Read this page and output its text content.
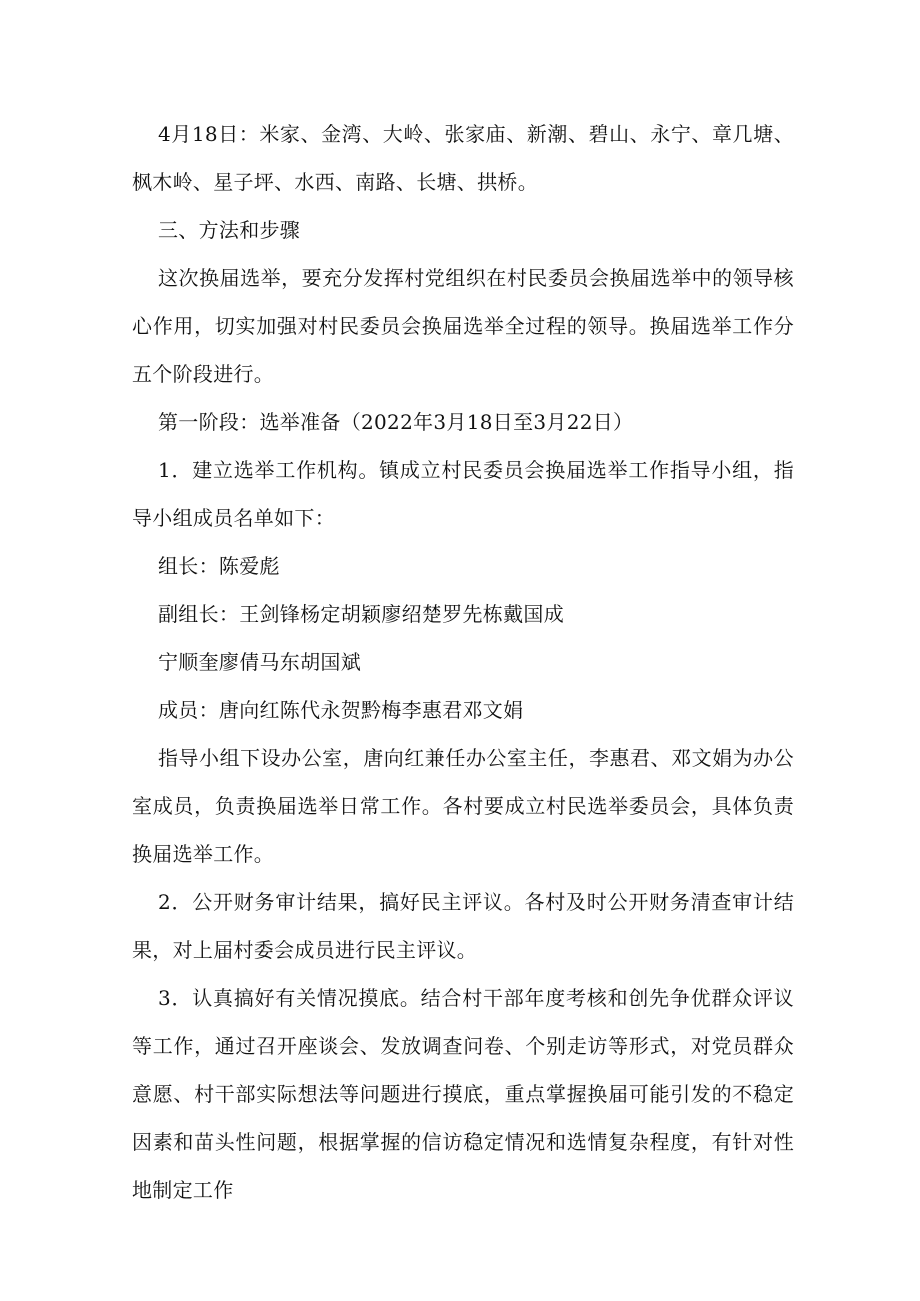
4月18日：米家、金湾、大岭、张家庙、新潮、碧山、永宁、章几塘、枫木岭、星子坪、水西、南路、长塘、拱桥。

三、方法和步骤

这次换届选举，要充分发挥村党组织在村民委员会换届选举中的领导核心作用，切实加强对村民委员会换届选举全过程的领导。换届选举工作分五个阶段进行。

第一阶段：选举准备（2022年3月18日至3月22日）

1．建立选举工作机构。镇成立村民委员会换届选举工作指导小组，指导小组成员名单如下：

组长：陈爱彪

副组长：王剑锋杨定胡颖廖绍楚罗先栋戴国成

宁顺奎廖倩马东胡国斌

成员：唐向红陈代永贺黔梅李惠君邓文娟

指导小组下设办公室，唐向红兼任办公室主任，李惠君、邓文娟为办公室成员，负责换届选举日常工作。各村要成立村民选举委员会，具体负责换届选举工作。

2．公开财务审计结果，搞好民主评议。各村及时公开财务清查审计结果，对上届村委会成员进行民主评议。

3．认真搞好有关情况摸底。结合村干部年度考核和创先争优群众评议等工作，通过召开座谈会、发放调查问卷、个别走访等形式，对党员群众意愿、村干部实际想法等问题进行摸底，重点掌握换届可能引发的不稳定因素和苗头性问题，根据掌握的信访稳定情况和选情复杂程度，有针对性地制定工作
